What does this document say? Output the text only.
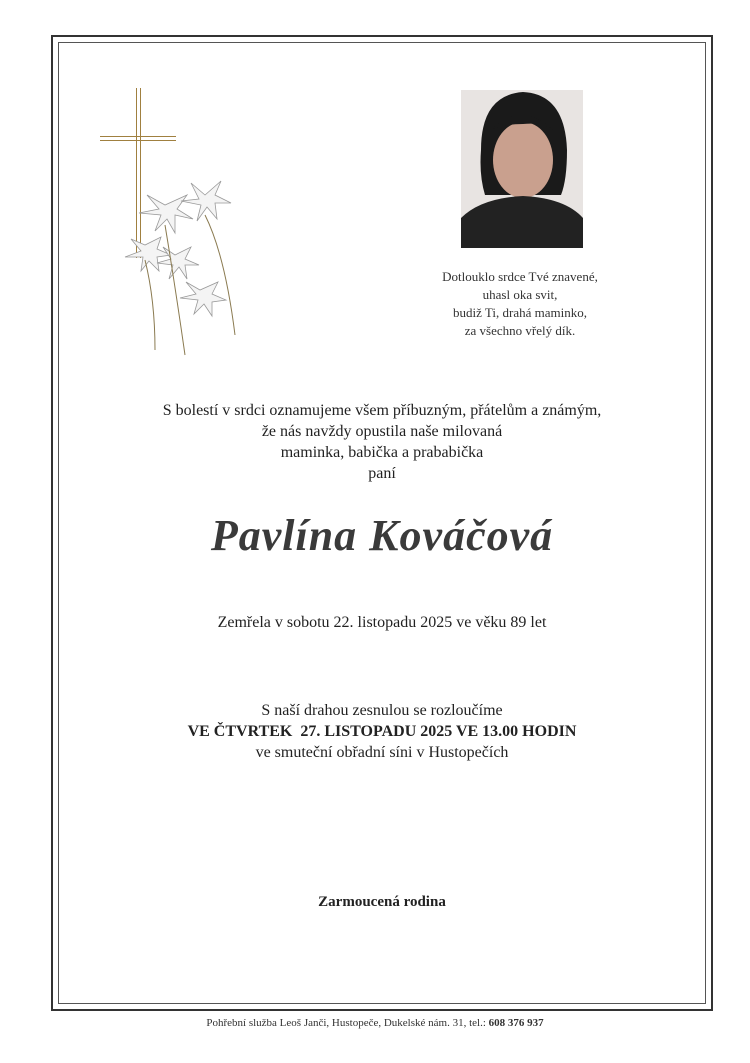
Dotlouklo srdce Tvé znavené,
uhasl oka svit,
budiž Ti, drahá maminko,
za všechno vřelý dík.
S bolestí v srdci oznamujeme všem příbuzným, přátelům a známým,
že nás navždy opustila naše milovaná
maminka, babička a prababička
paní
Pavlína Kováčová
Zemřela v sobotu 22. listopadu 2025 ve věku 89 let
S naší drahou zesnulou se rozloučíme
VE ČTVRTEK  27. LISTOPADU 2025 VE 13.00 HODIN
ve smuteční obřadní síni v Hustopečích
Zarmoucená rodina
Pohřební služba Leoš Janči, Hustopeče, Dukelské nám. 31, tel.: 608 376 937
